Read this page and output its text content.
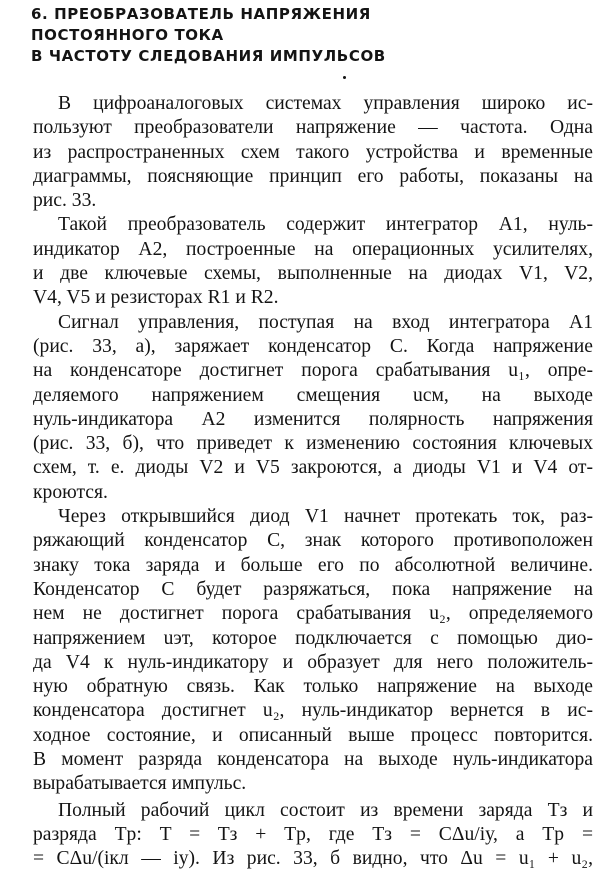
6. ПРЕОБРАЗОВАТЕЛЬ НАПРЯЖЕНИЯ
ПОСТОЯННОГО ТОКА
В ЧАСТОТУ СЛЕДОВАНИЯ ИМПУЛЬСОВ
В цифроаналоговых системах управления широко ис-
пользуют преобразователи напряжение — частота. Одна
из распространенных схем такого устройства и временные
диаграммы, поясняющие принцип его работы, показаны на
рис. 33.
Такой преобразователь содержит интегратор A1, нуль-
индикатор A2, построенные на операционных усилителях,
и две ключевые схемы, выполненные на диодах V1, V2,
V4, V5 и резисторах R1 и R2.
Сигнал управления, поступая на вход интегратора A1
(рис. 33, а), заряжает конденсатор C. Когда напряжение
на конденсаторе достигнет порога срабатывания u₁, опре-
деляемого напряжением смещения uсм, на выходе
нуль-индикатора A2 изменится полярность напряжения
(рис. 33, б), что приведет к изменению состояния ключевых
схем, т. е. диоды V2 и V5 закроются, а диоды V1 и V4 от-
кроются.
Через открывшийся диод V1 начнет протекать ток, раз-
ряжающий конденсатор C, знак которого противоположен
знаку тока заряда и больше его по абсолютной величине.
Конденсатор C будет разряжаться, пока напряжение на
нем не достигнет порога срабатывания u₂, определяемого
напряжением uэт, которое подключается с помощью дио-
да V4 к нуль-индикатору и образует для него положитель-
ную обратную связь. Как только напряжение на выходе
конденсатора достигнет u₂, нуль-индикатор вернется в ис-
ходное состояние, и описанный выше процесс повторится.
В момент разряда конденсатора на выходе нуль-индикатора
вырабатывается импульс.
Полный рабочий цикл состоит из времени заряда Tз и
разряда Tр: T = Tз + Tр, где Tз = CΔu/iу, а Tр =
= CΔu/(iкл — iу). Из рис. 33, б видно, что Δu = u₁ + u₂,
